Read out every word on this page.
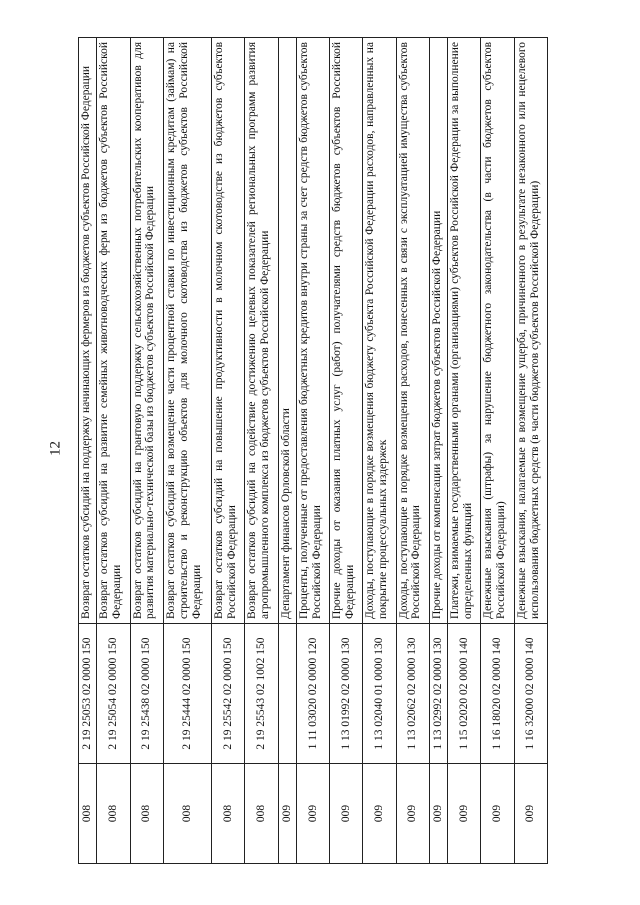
12
008	2 19 25053 02 0000 150	Возврат остатков субсидий на поддержку начинающих фермеров из бюджетов субъектов Российской Федерации
008	2 19 25054 02 0000 150	Возврат остатков субсидий на развитие семейных животноводческих ферм из бюджетов субъектов Российской Федерации
008	2 19 25438 02 0000 150	Возврат остатков субсидий на грантовую поддержку сельскохозяйственных потребительских кооперативов для развития материально-технической базы из бюджетов субъектов Российской Федерации
008	2 19 25444 02 0000 150	Возврат остатков субсидий на возмещение части процентной ставки по инвестиционным кредитам (займам) на строительство и реконструкцию объектов для молочного скотоводства из бюджетов субъектов Российской Федерации
008	2 19 25542 02 0000 150	Возврат остатков субсидий на повышение продуктивности в молочном скотоводстве из бюджетов субъектов Российской Федерации
008	2 19 25543 02 1002 150	Возврат остатков субсидий на содействие достижению целевых показателей региональных программ развития агропромышленного комплекса из бюджетов субъектов Российской Федерации
009		Департамент финансов Орловской области
009	1 11 03020 02 0000 120	Проценты, полученные от предоставления бюджетных кредитов внутри страны за счет средств бюджетов субъектов Российской Федерации
009	1 13 01992 02 0000 130	Прочие доходы от оказания платных услуг (работ) получателями средств бюджетов субъектов Российской Федерации
009	1 13 02040 01 0000 130	Доходы, поступающие в порядке возмещения бюджету субъекта Российской Федерации расходов, направленных на покрытие процессуальных издержек
009	1 13 02062 02 0000 130	Доходы, поступающие в порядке возмещения расходов, понесенных в связи с эксплуатацией имущества субъектов Российской Федерации
009	1 13 02992 02 0000 130	Прочие доходы от компенсации затрат бюджетов субъектов Российской Федерации
009	1 15 02020 02 0000 140	Платежи, взимаемые государственными органами (организациями) субъектов Российской Федерации за выполнение определенных функций
009	1 16 18020 02 0000 140	Денежные взыскания (штрафы) за нарушение бюджетного законодательства (в части бюджетов субъектов Российской Федерации)
009	1 16 32000 02 0000 140	Денежные взыскания, налагаемые в возмещение ущерба, причиненного в результате незаконного или нецелевого использования бюджетных средств (в части бюджетов субъектов Российской Федерации)
